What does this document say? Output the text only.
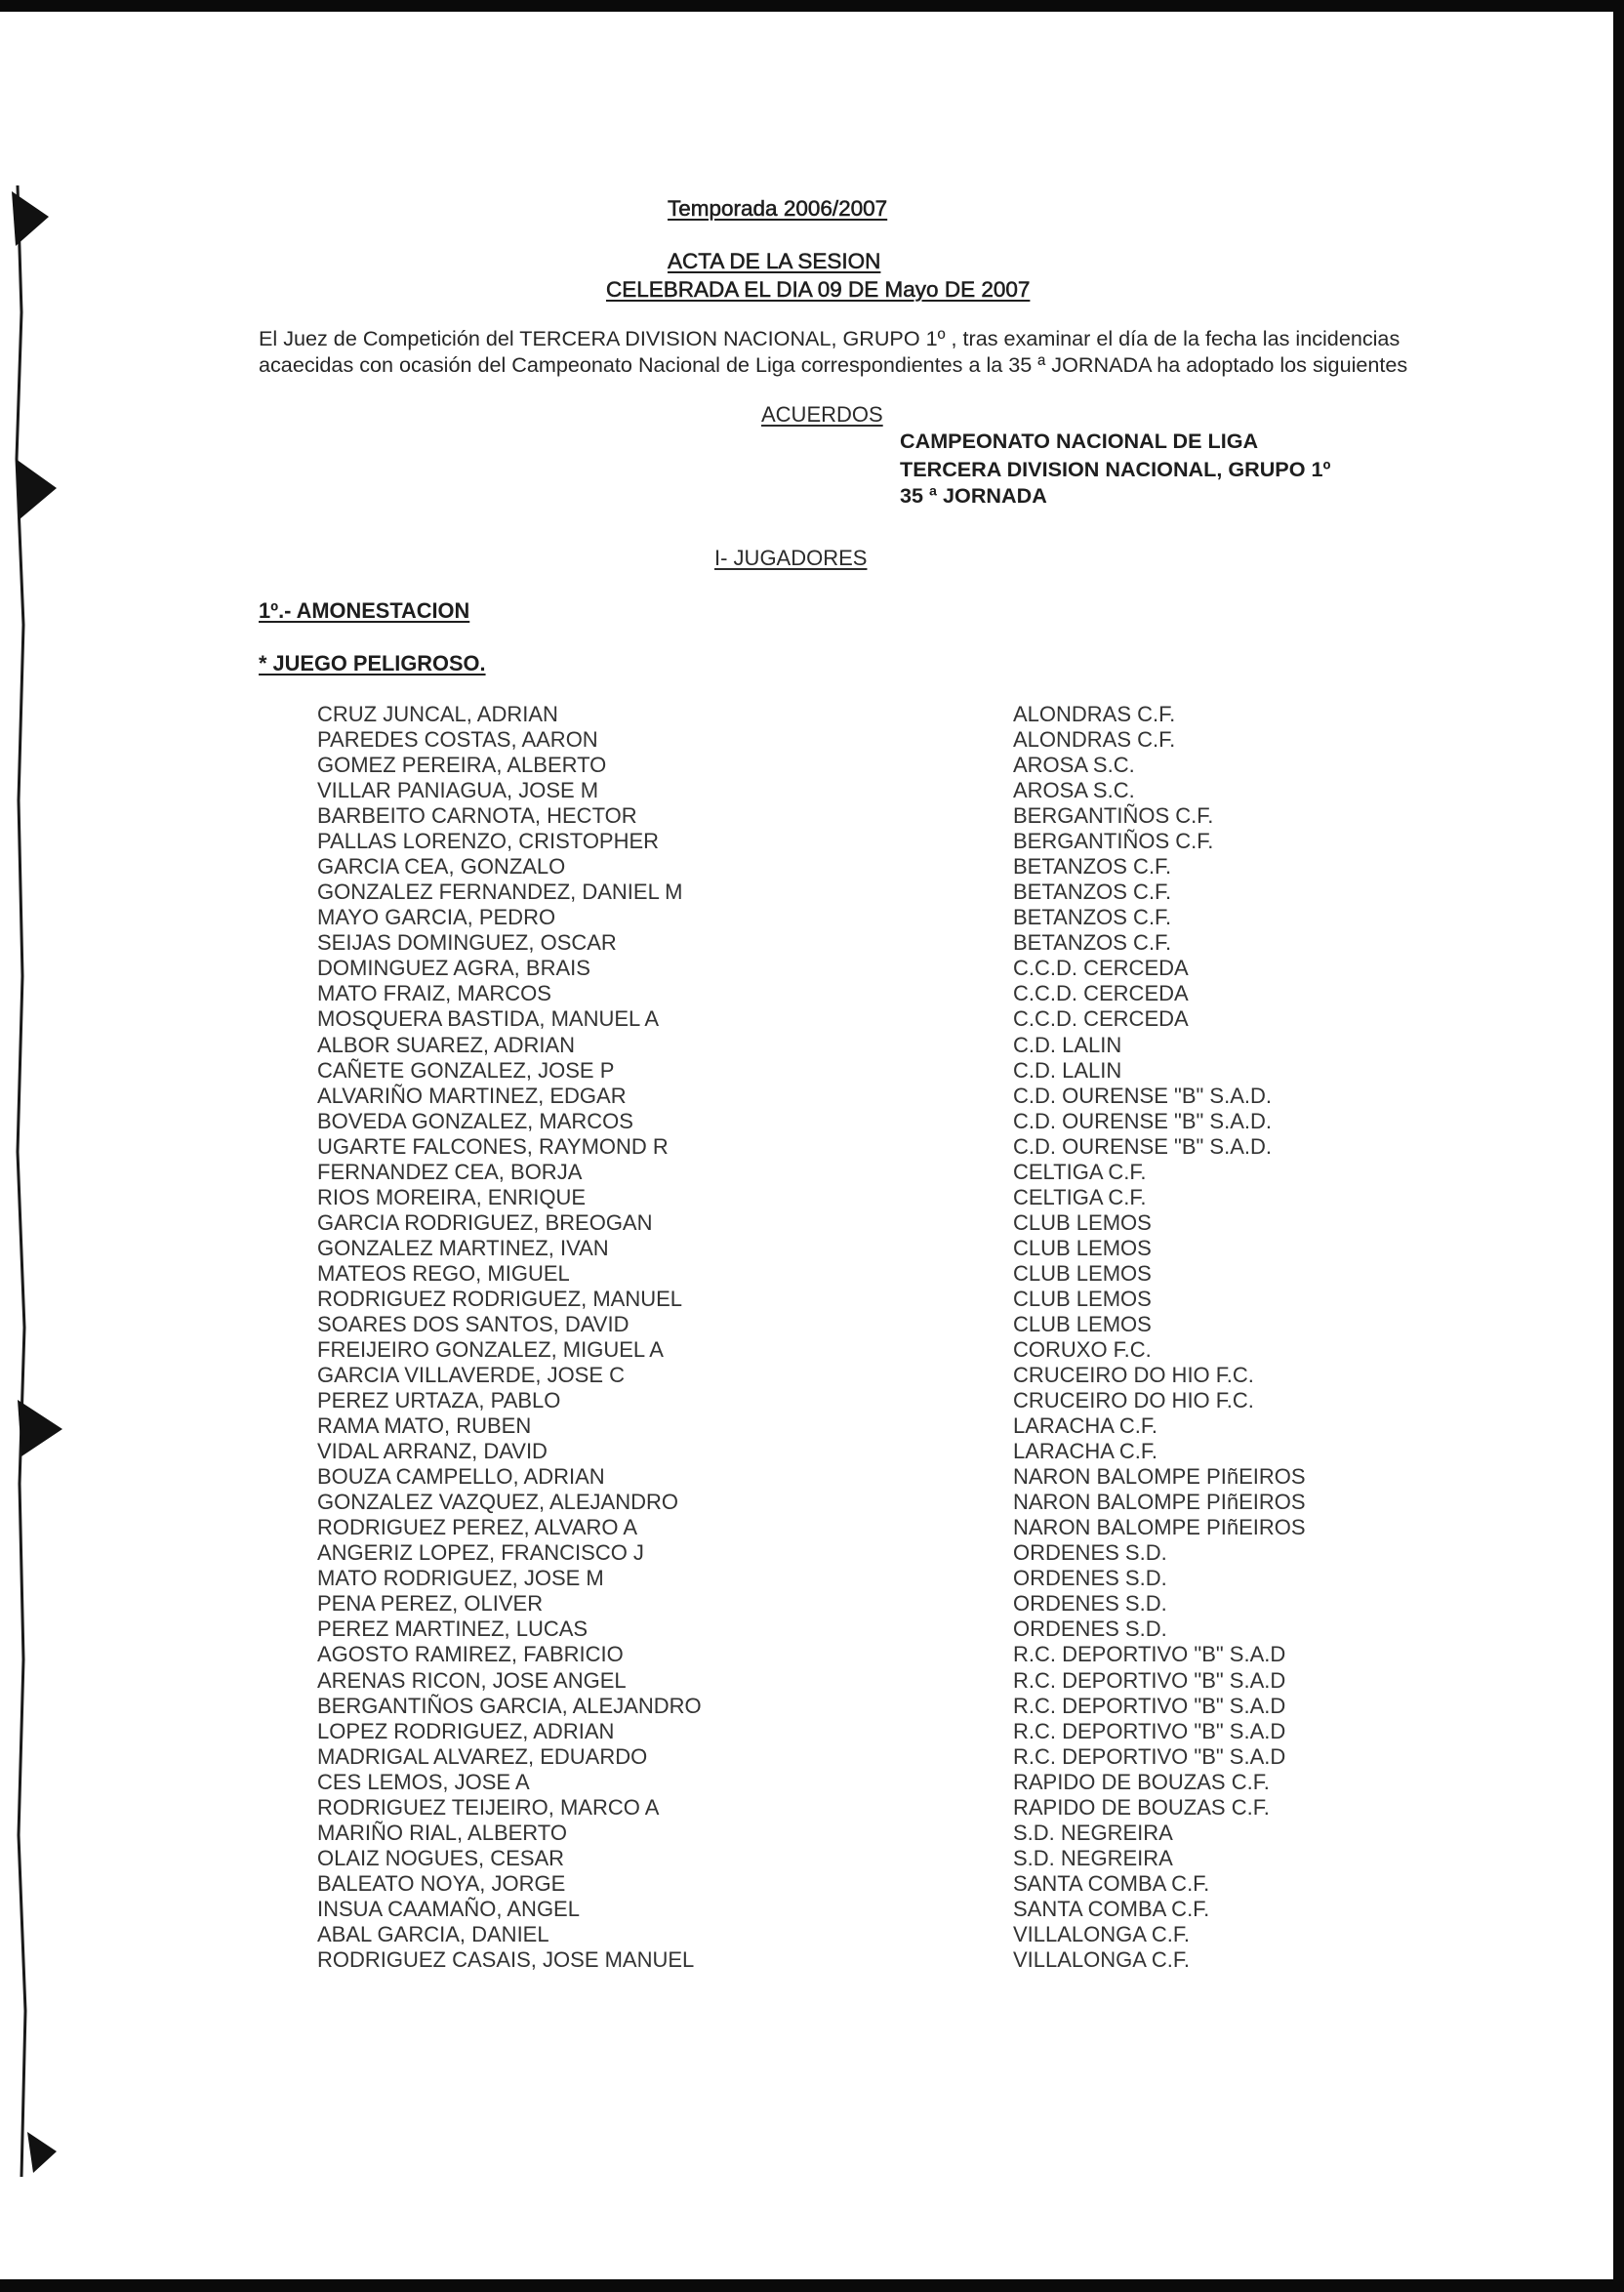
Temporada 2006/2007
ACTA DE LA SESION
CELEBRADA EL DIA 09 DE Mayo DE 2007
El Juez de Competición del TERCERA DIVISION NACIONAL, GRUPO 1º , tras examinar el día de la fecha las incidencias
acaecidas con ocasión del Campeonato Nacional de Liga correspondientes a la 35 ª JORNADA ha adoptado los siguientes
ACUERDOS
CAMPEONATO NACIONAL DE LIGA
TERCERA DIVISION NACIONAL, GRUPO 1º
35 ª JORNADA
I- JUGADORES
1º.- AMONESTACION
* JUEGO PELIGROSO.
CRUZ JUNCAL, ADRIAN	ALONDRAS C.F.
PAREDES COSTAS, AARON	ALONDRAS C.F.
GOMEZ PEREIRA, ALBERTO	AROSA S.C.
VILLAR PANIAGUA, JOSE M	AROSA S.C.
BARBEITO CARNOTA, HECTOR	BERGANTIÑOS C.F.
PALLAS LORENZO, CRISTOPHER	BERGANTIÑOS C.F.
GARCIA CEA, GONZALO	BETANZOS C.F.
GONZALEZ FERNANDEZ, DANIEL M	BETANZOS C.F.
MAYO GARCIA, PEDRO	BETANZOS C.F.
SEIJAS DOMINGUEZ, OSCAR	BETANZOS C.F.
DOMINGUEZ AGRA, BRAIS	C.C.D. CERCEDA
MATO FRAIZ, MARCOS	C.C.D. CERCEDA
MOSQUERA BASTIDA, MANUEL A	C.C.D. CERCEDA
ALBOR SUAREZ, ADRIAN	C.D. LALIN
CAÑETE GONZALEZ, JOSE P	C.D. LALIN
ALVARIÑO MARTINEZ, EDGAR	C.D. OURENSE "B" S.A.D.
BOVEDA GONZALEZ, MARCOS	C.D. OURENSE "B" S.A.D.
UGARTE FALCONES, RAYMOND R	C.D. OURENSE "B" S.A.D.
FERNANDEZ CEA, BORJA	CELTIGA C.F.
RIOS MOREIRA, ENRIQUE	CELTIGA C.F.
GARCIA RODRIGUEZ, BREOGAN	CLUB LEMOS
GONZALEZ MARTINEZ, IVAN	CLUB LEMOS
MATEOS REGO, MIGUEL	CLUB LEMOS
RODRIGUEZ RODRIGUEZ, MANUEL	CLUB LEMOS
SOARES DOS SANTOS, DAVID	CLUB LEMOS
FREIJEIRO GONZALEZ, MIGUEL A	CORUXO F.C.
GARCIA VILLAVERDE, JOSE C	CRUCEIRO DO HIO F.C.
PEREZ URTAZA, PABLO	CRUCEIRO DO HIO F.C.
RAMA MATO, RUBEN	LARACHA C.F.
VIDAL ARRANZ, DAVID	LARACHA C.F.
BOUZA CAMPELLO, ADRIAN	NARON BALOMPE PIñEIROS
GONZALEZ VAZQUEZ, ALEJANDRO	NARON BALOMPE PIñEIROS
RODRIGUEZ PEREZ, ALVARO A	NARON BALOMPE PIñEIROS
ANGERIZ LOPEZ, FRANCISCO J	ORDENES S.D.
MATO RODRIGUEZ, JOSE M	ORDENES S.D.
PENA PEREZ, OLIVER	ORDENES S.D.
PEREZ MARTINEZ, LUCAS	ORDENES S.D.
AGOSTO RAMIREZ, FABRICIO	R.C. DEPORTIVO "B" S.A.D
ARENAS RICON, JOSE ANGEL	R.C. DEPORTIVO "B" S.A.D
BERGANTIÑOS GARCIA, ALEJANDRO	R.C. DEPORTIVO "B" S.A.D
LOPEZ RODRIGUEZ, ADRIAN	R.C. DEPORTIVO "B" S.A.D
MADRIGAL ALVAREZ, EDUARDO	R.C. DEPORTIVO "B" S.A.D
CES LEMOS, JOSE A	RAPIDO DE BOUZAS C.F.
RODRIGUEZ TEIJEIRO, MARCO A	RAPIDO DE BOUZAS C.F.
MARIÑO RIAL, ALBERTO	S.D. NEGREIRA
OLAIZ NOGUES, CESAR	S.D. NEGREIRA
BALEATO NOYA, JORGE	SANTA COMBA C.F.
INSUA CAAMAÑO, ANGEL	SANTA COMBA C.F.
ABAL GARCIA, DANIEL	VILLALONGA C.F.
RODRIGUEZ CASAIS, JOSE MANUEL	VILLALONGA C.F.
